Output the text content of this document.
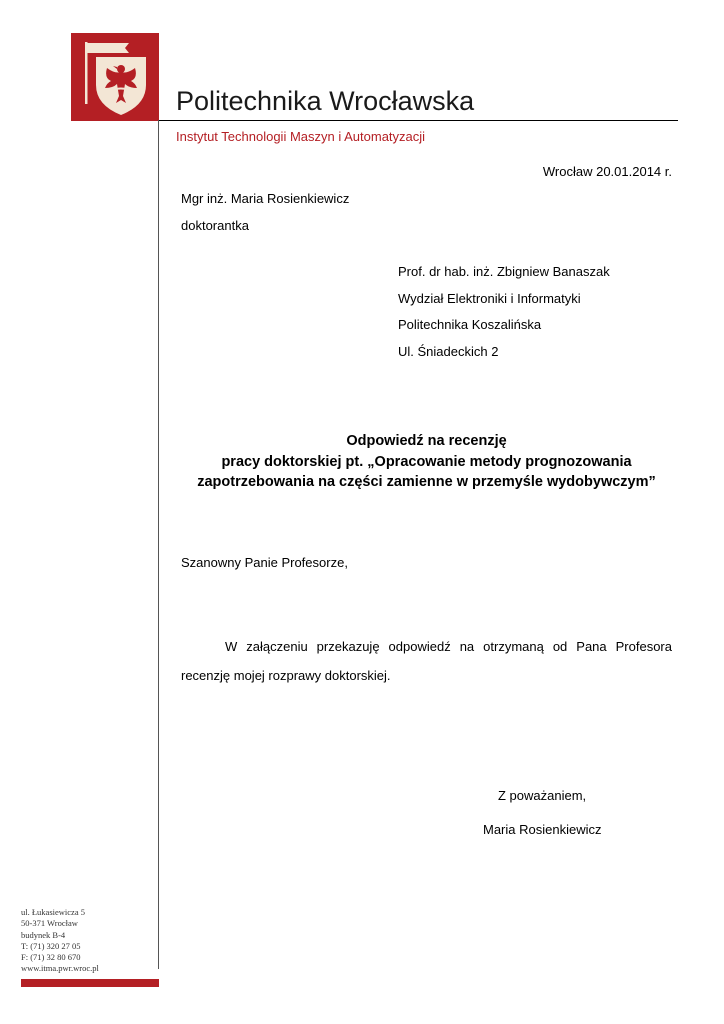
Politechnika Wrocławska
Instytut Technologii Maszyn i Automatyzacji
Wrocław 20.01.2014 r.
Mgr inż. Maria Rosienkiewicz
doktorantka
Prof. dr hab. inż. Zbigniew Banaszak
Wydział Elektroniki i Informatyki
Politechnika Koszalińska
Ul. Śniadeckich 2
Odpowiedź na recenzję
pracy doktorskiej pt. „Opracowanie metody prognozowania
zapotrzebowania na części zamienne w przemyśle wydobywczym”
Szanowny Panie Profesorze,
W załączeniu przekazuję odpowiedź na otrzymaną od Pana Profesora recenzję mojej rozprawy doktorskiej.
Z poważaniem,
Maria Rosienkiewicz
ul. Łukasiewicza 5
50-371 Wrocław
budynek B-4
T: (71) 320 27 05
F: (71) 32 80 670
www.itma.pwr.wroc.pl
